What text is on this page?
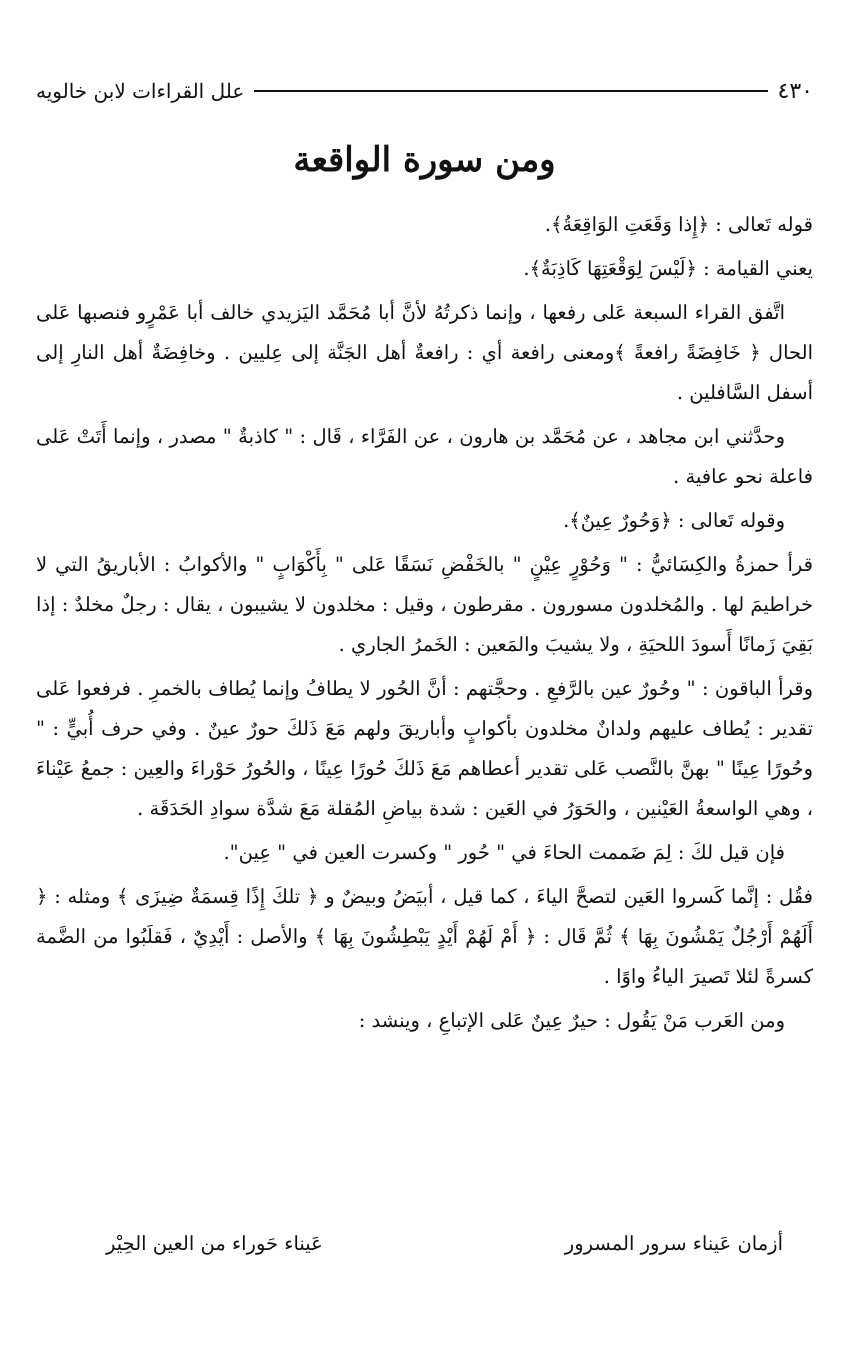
٤٣٠
علل القراءات لابن خالويه
ومن سورة الواقعة

قوله تَعالى : ﴿إِذا وَقَعَتِ الوَاقِعَةُ﴾.

يعني القيامة : ﴿لَيْسَ لِوَقْعَتِهَا كَاذِبَةٌ﴾.

اتَّفق القراء السبعة عَلى رفعها ، وإنما ذكرتُهُ لأنَّ أبا مُحَمَّد اليَزيدي خالف أبا عَمْرٍو فنصبها عَلى الحال ﴿ خَافِضَةً رافعةً ﴾ومعنى رافعة أي : رافعةٌ أهل الجَنَّة إلى عِليين . وخافِضَةٌ أهل النارِ إلى أسفل السَّافلين .

وحدَّثني ابن مجاهد ، عن مُحَمَّد بن هارون ، عن الفَرَّاء ، قَال : " كاذبةٌ " مصدر ، وإنما أَتَتْ عَلى فاعلة نحو عافية .

وقوله تَعالى : ﴿وَحُورٌ عِينٌ﴾.

قرأ حمزةُ والكِسَائيُّ : " وَحُوْرٍ عِيْنٍ " بالخَفْضِ نَسَقًا عَلى " بِأَكْوَابٍ " والأكوابُ : الأباريقُ التي لا خراطيمَ لها . والمُخلدون مسورون . مقرطون ، وقيل : مخلدون لا يشيبون ، يقال : رجلٌ مخلدٌ : إذا بَقِيَ زَمانًا أَسودَ اللحيَةِ ، ولا يشيبَ والمَعين : الخَمرُ الجاري .

وقرأ الباقون : " وحُورٌ عين بالرَّفعِ . وحجَّتهم : أنَّ الحُور لا يطافُ وإنما يُطاف بالخمرِ . فرفعوا عَلى تقدير : يُطاف عليهم ولدانٌ مخلدون بأكوابٍ وأباريقَ ولهم مَعَ ذَلكَ حورٌ عينٌ . وفي حرف أُبيٍّ : " وحُورًا عِينًا " بهنَّ بالنَّصب عَلى تقدير أعطاهم مَعَ ذَلكَ حُورًا عِينًا ، والحُورُ حَوْراءَ والعِين : جمعُ عَيْناءَ ، وهي الواسعةُ العَيْنين ، والحَوَرُ في العَين : شدة بياضِ المُقلة مَعَ شدَّة سوادِ الحَدَقَة .

فإن قيل لكَ : لِمَ ضَممت الحاءَ في " حُور " وكسرت العين في " عِين".

فقُل : إنَّما كَسروا العَين لتصحَّ الياءَ ، كما قيل ، أبيَضُ وبيضٌ و ﴿ تلكَ إِذًا قِسمَةٌ ضِيزَى ﴾ ومثله : ﴿ أَلَهُمْ أَرْجُلٌ يَمْشُونَ بِهَا ﴾ ثُمَّ قَال : ﴿ أَمْ لَهُمْ أَيْدٍ يَبْطِشُونَ بِهَا ﴾ والأصل : أَيْدِيٌ ، فَقلَبُوا من الضَّمة كسرةً لئلا تَصيرَ الياءُ واوًا .

ومن العَرب مَنْ يَقُول : حيرٌ عِينٌ عَلى الإتباعِ ، وينشد :

أزمان عَيناء سرور المسرور
عَيناء حَوراء من العين الحِيْر
